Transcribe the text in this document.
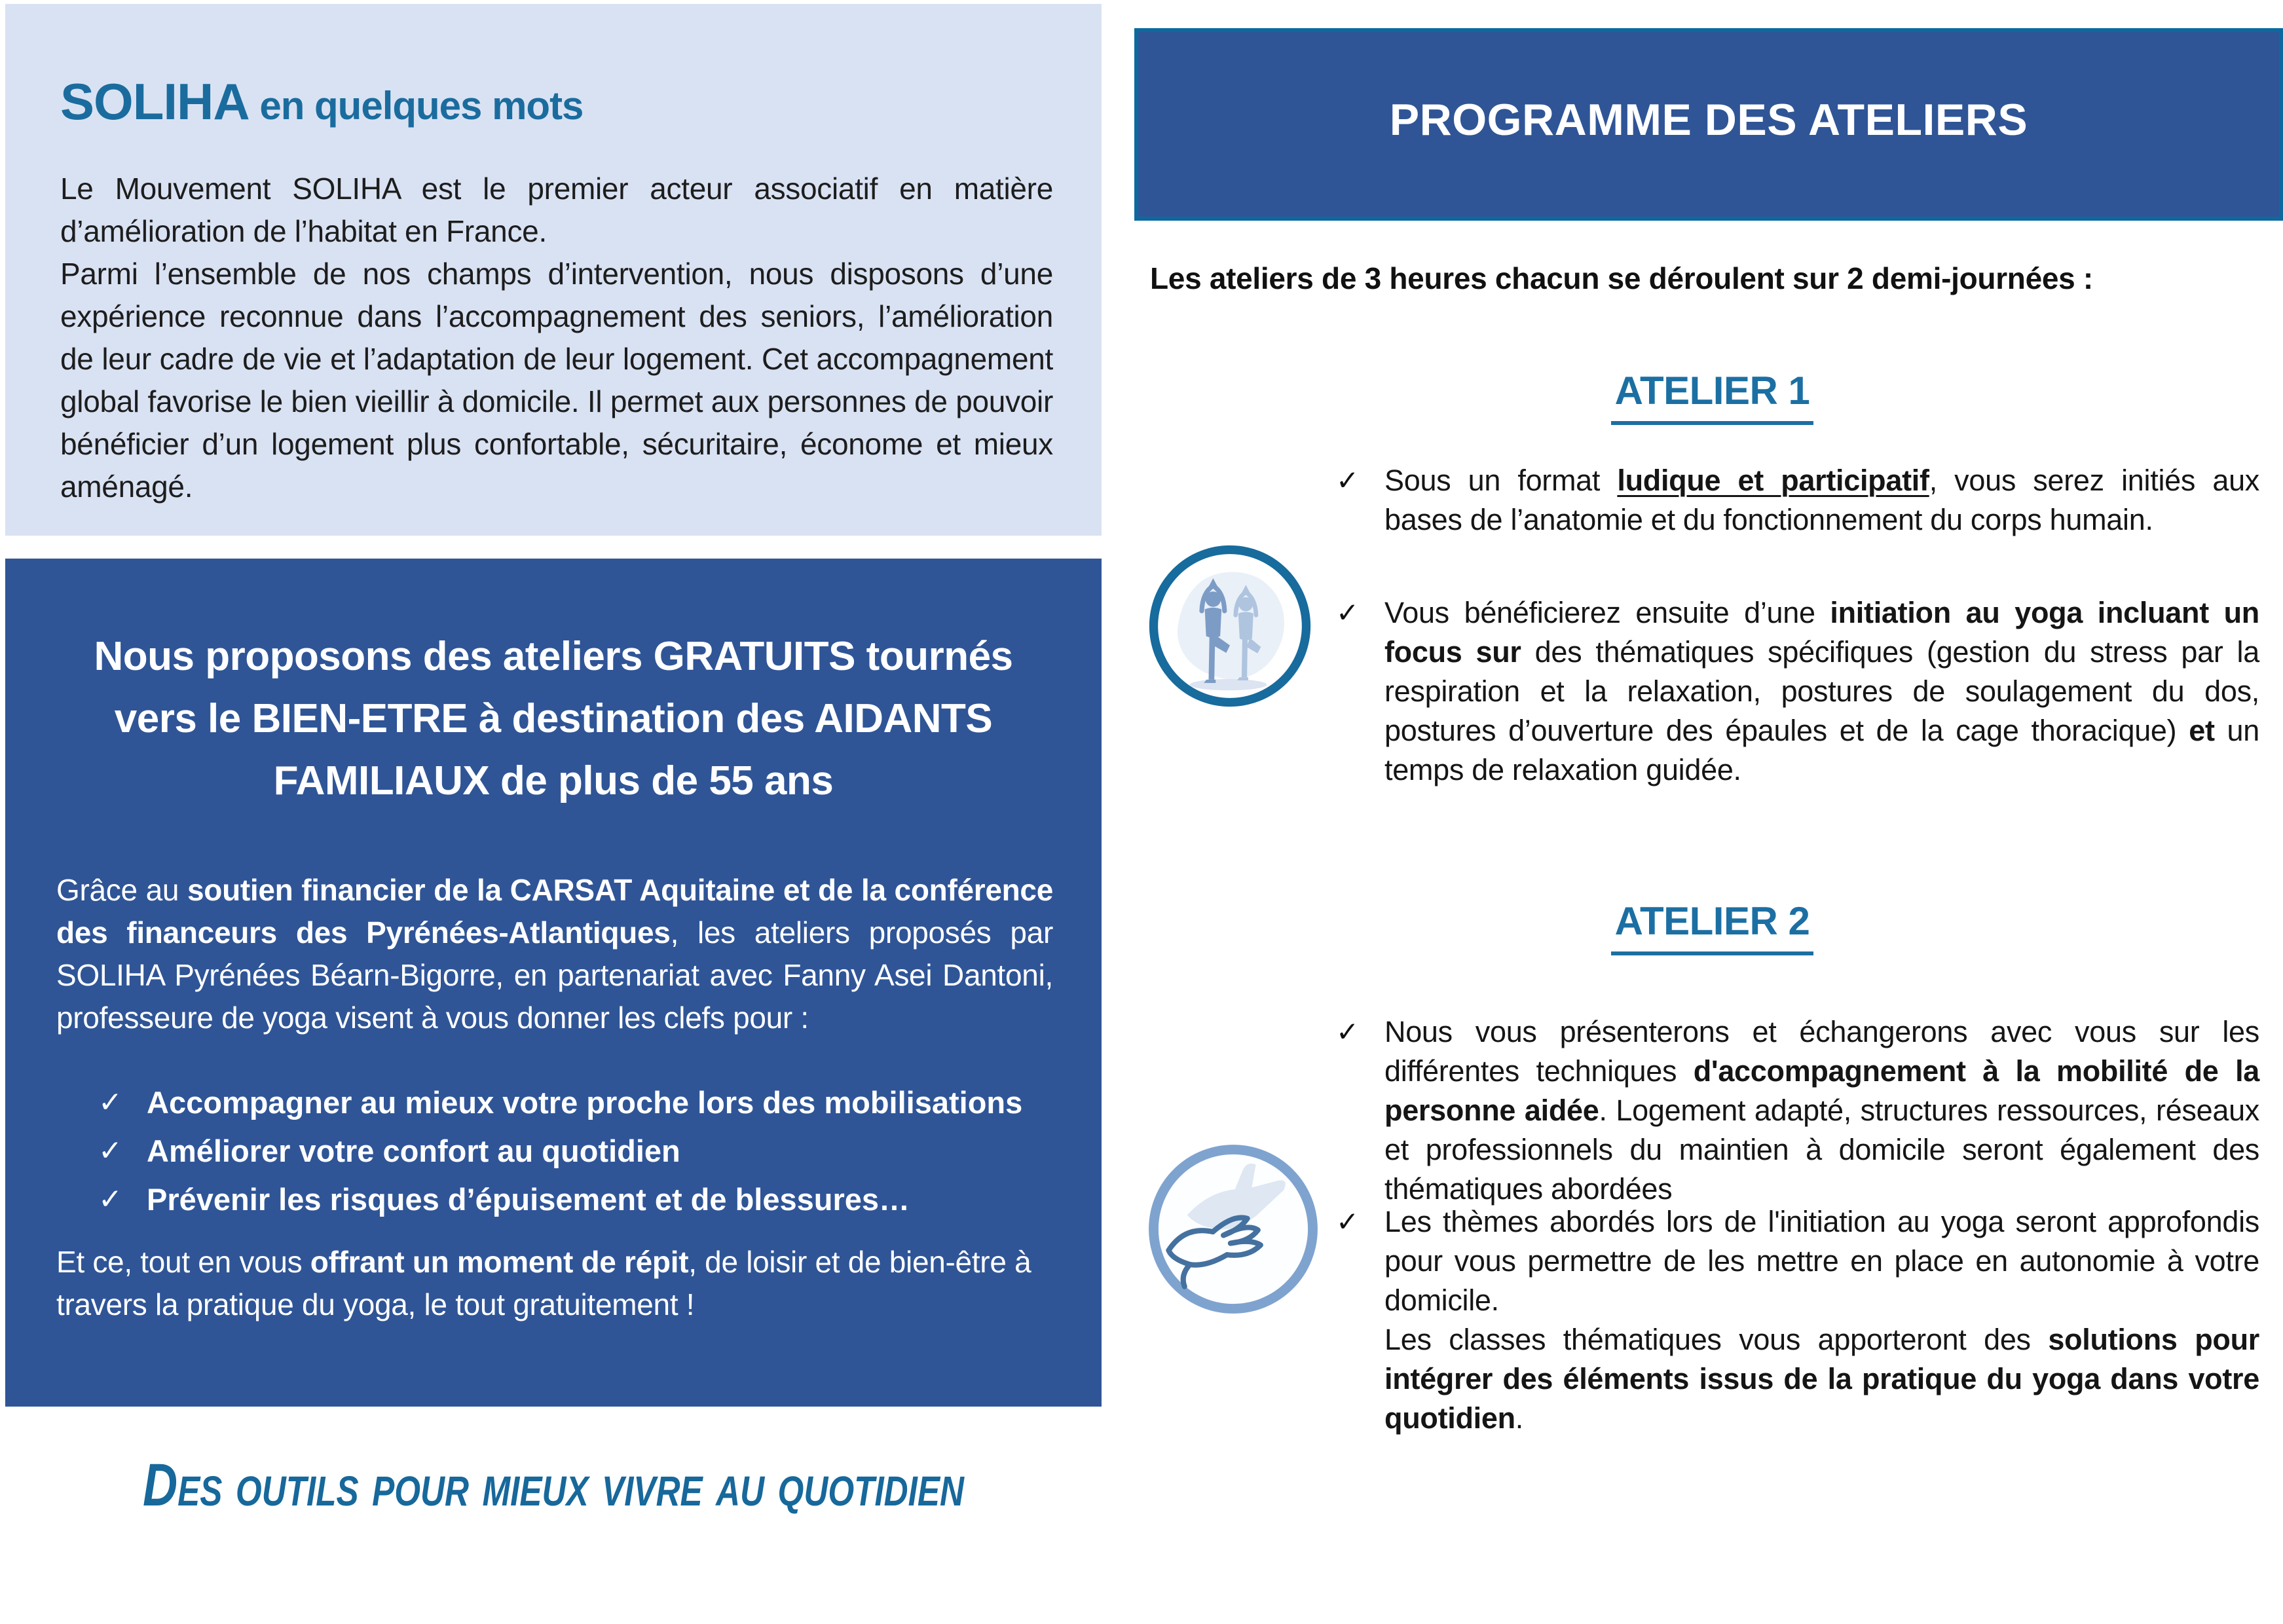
SOLIHA en quelques mots
Le Mouvement SOLIHA est le premier acteur associatif en matière d’amélioration de l’habitat en France.
Parmi l’ensemble de nos champs d’intervention, nous disposons d’une expérience reconnue dans l’accompagnement des seniors, l’amélioration de leur cadre de vie et l’adaptation de leur logement. Cet accompagnement global favorise le bien vieillir à domicile. Il permet aux personnes de pouvoir bénéficier d’un logement plus confortable, sécuritaire, économe et mieux aménagé.
Nous proposons des ateliers GRATUITS tournés
vers le BIEN-ETRE à destination des AIDANTS
FAMILIAUX de plus de 55 ans
Grâce au soutien financier de la CARSAT Aquitaine et de la conférence des financeurs des Pyrénées-Atlantiques, les ateliers proposés par SOLIHA Pyrénées Béarn-Bigorre, en partenariat avec Fanny Asei Dantoni, professeure de yoga visent à vous donner les clefs pour :
✓ Accompagner au mieux votre proche lors des mobilisations
✓ Améliorer votre confort au quotidien
✓ Prévenir les risques d’épuisement et de blessures…
Et ce, tout en vous offrant un moment de répit, de loisir et de bien-être à travers la pratique du yoga, le tout gratuitement !
Des outils pour mieux vivre au quotidien
PROGRAMME DES ATELIERS
Les ateliers de 3 heures chacun se déroulent sur 2 demi-journées :
ATELIER 1
✓ Sous un format ludique et participatif, vous serez initiés aux bases de l’anatomie et du fonctionnement du corps humain.
✓ Vous bénéficierez ensuite d’une initiation au yoga incluant un focus sur des thématiques spécifiques (gestion du stress par la respiration et la relaxation, postures de soulagement du dos, postures d’ouverture des épaules et de la cage thoracique) et un temps de relaxation guidée.
ATELIER 2
✓ Nous vous présenterons et échangerons avec vous sur les différentes techniques d'accompagnement à la mobilité de la personne aidée. Logement adapté, structures ressources, réseaux et professionnels du maintien à domicile seront également des thématiques abordées
✓ Les thèmes abordés lors de l'initiation au yoga seront approfondis pour vous permettre de les mettre en place en autonomie à votre domicile.
Les classes thématiques vous apporteront des solutions pour intégrer des éléments issus de la pratique du yoga dans votre quotidien.
